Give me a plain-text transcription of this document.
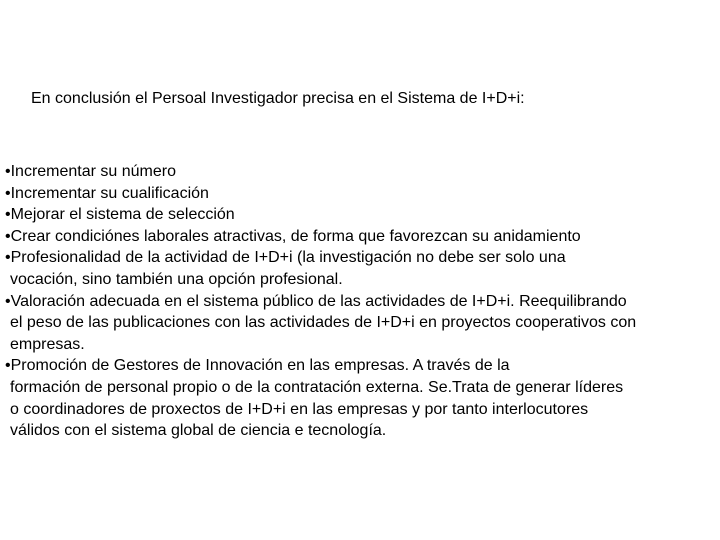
En conclusión el Persoal Investigador precisa en el Sistema de I+D+i:
•Incrementar su número
•Incrementar su cualificación
•Mejorar el sistema de selección
•Crear condiciónes laborales atractivas, de forma que favorezcan su anidamiento
•Profesionalidad de la actividad de I+D+i (la investigación no debe ser solo una
vocación, sino también una opción profesional.
•Valoración adecuada en el sistema público de las actividades de I+D+i. Reequilibrando
el peso de las publicaciones con las actividades de I+D+i en proyectos cooperativos con
empresas.
•Promoción de Gestores de Innovación en las empresas. A través de la
formación de personal propio o de la contratación externa. Se.Trata de generar líderes
o coordinadores de proxectos de I+D+i en las empresas y por tanto interlocutores
válidos con el sistema global de ciencia e tecnología.
